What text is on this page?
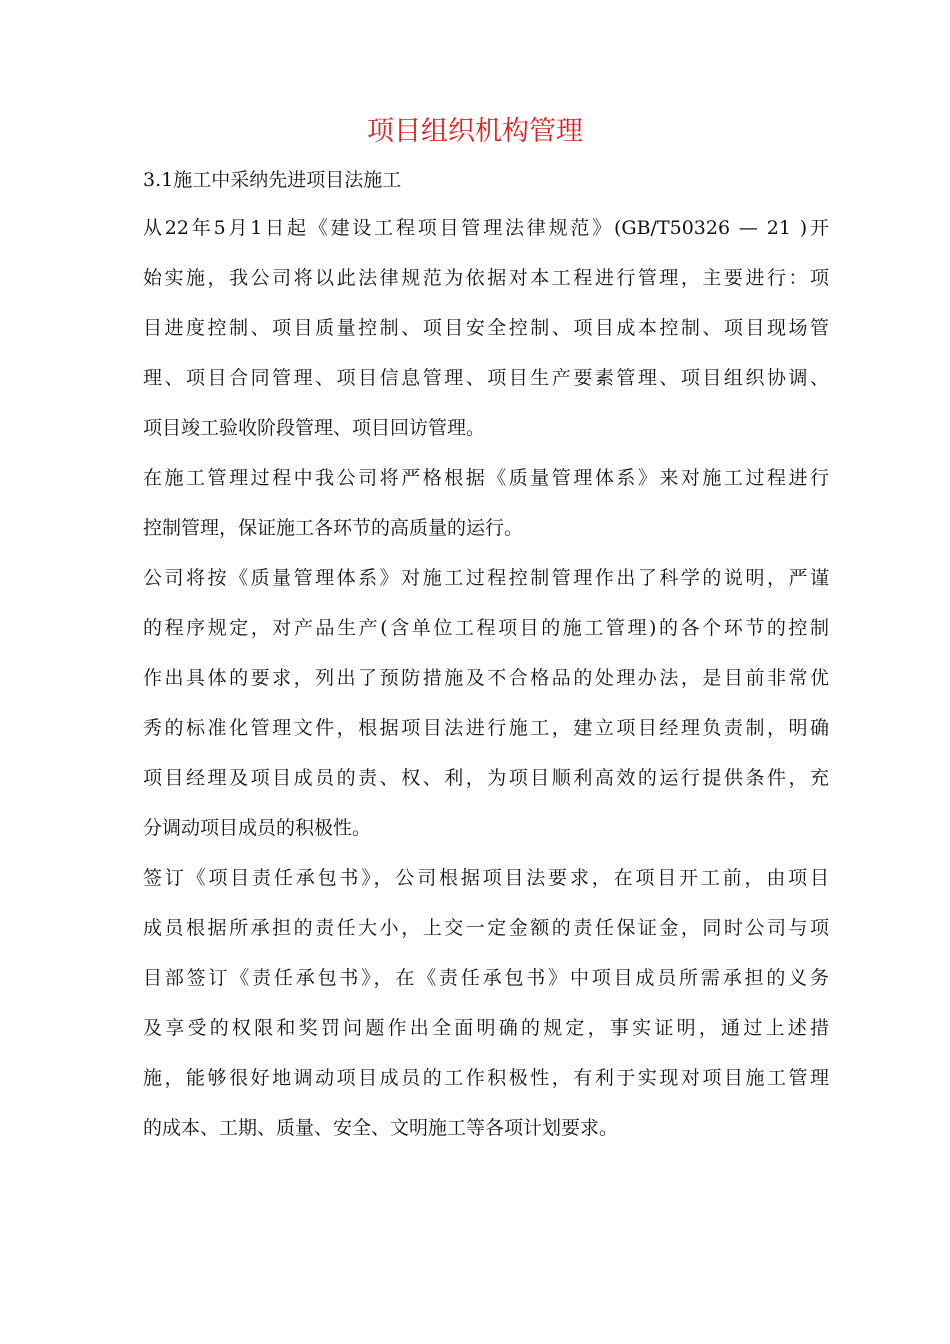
项目组织机构管理
3.1施工中采纳先进项目法施工
从22年5月1日起《建设工程项目管理法律规范》(GB/T50326 — 21 )开
始实施，我公司将以此法律规范为依据对本工程进行管理，主要进行：项
目进度控制、项目质量控制、项目安全控制、项目成本控制、项目现场管
理、项目合同管理、项目信息管理、项目生产要素管理、项目组织协调、
项目竣工验收阶段管理、项目回访管理。
在施工管理过程中我公司将严格根据《质量管理体系》来对施工过程进行
控制管理，保证施工各环节的高质量的运行。
公司将按《质量管理体系》对施工过程控制管理作出了科学的说明，严谨
的程序规定，对产品生产(含单位工程项目的施工管理)的各个环节的控制
作出具体的要求，列出了预防措施及不合格品的处理办法，是目前非常优
秀的标准化管理文件，根据项目法进行施工，建立项目经理负责制，明确
项目经理及项目成员的责、权、利，为项目顺利高效的运行提供条件，充
分调动项目成员的积极性。
签订《项目责任承包书》，公司根据项目法要求，在项目开工前，由项目
成员根据所承担的责任大小，上交一定金额的责任保证金，同时公司与项
目部签订《责任承包书》，在《责任承包书》中项目成员所需承担的义务
及享受的权限和奖罚问题作出全面明确的规定，事实证明，通过上述措
施，能够很好地调动项目成员的工作积极性，有利于实现对项目施工管理
的成本、工期、质量、安全、文明施工等各项计划要求。
